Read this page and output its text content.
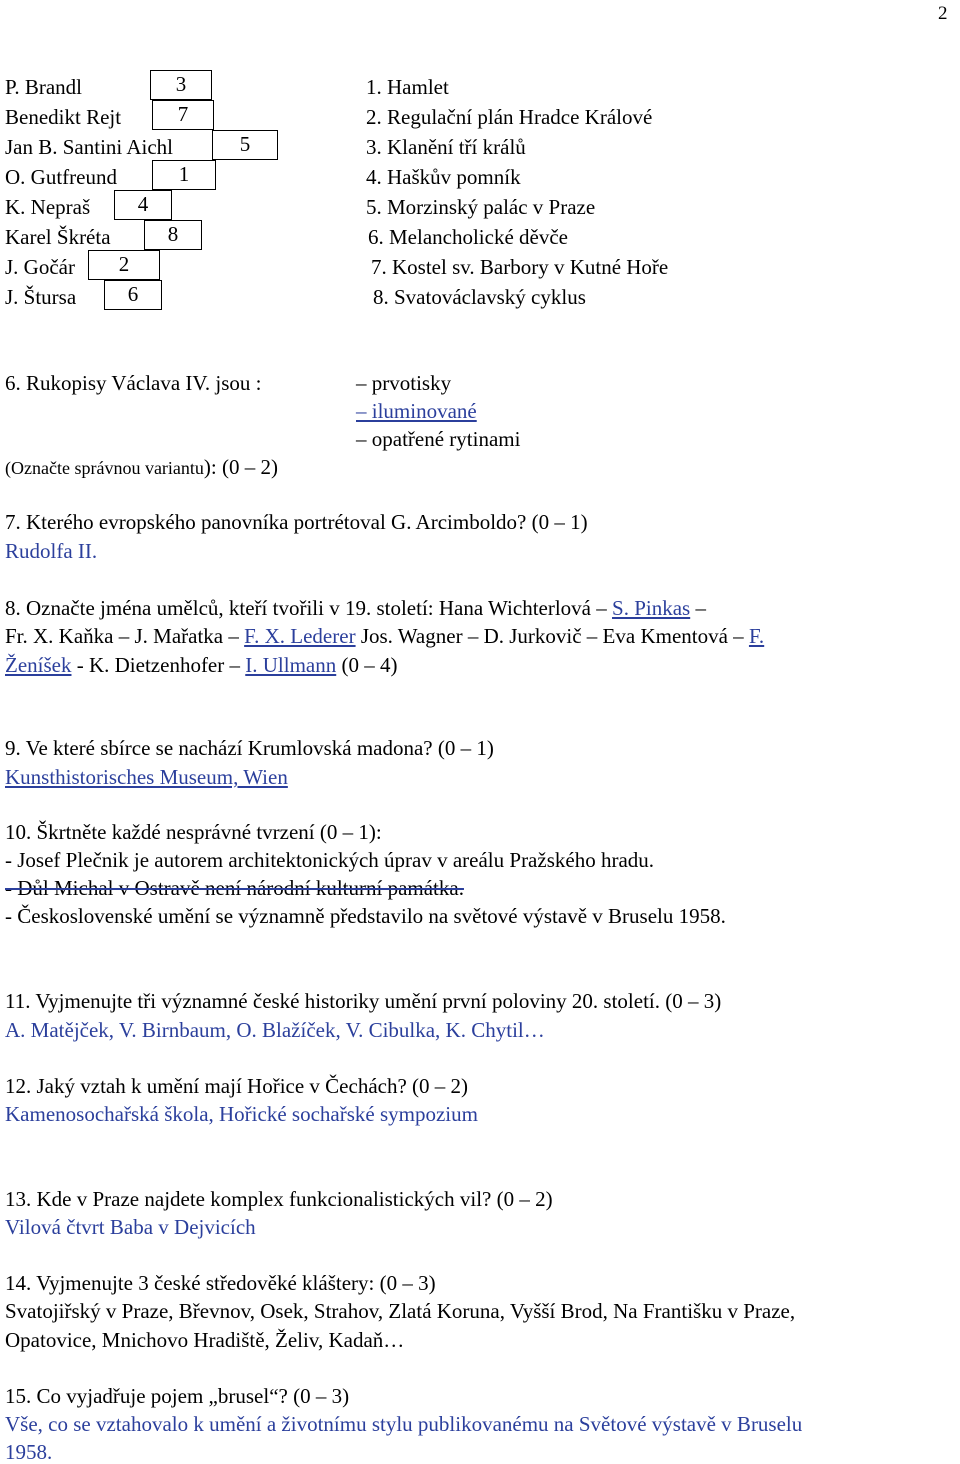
2
P. Brandl
Benedikt Rejt
Jan B. Santini Aichl
O. Gutfreund
K. Nepraš
Karel Škréta
J. Gočár
J. Štursa
3
7
5
1
4
8
2
6
1. Hamlet
2. Regulační plán Hradce Králové
3. Klanění tří králů
4. Haškův pomník
5. Morzinský palác v Praze
6. Melancholické děvče
7. Kostel sv. Barbory v Kutné Hoře
8. Svatováclavský cyklus
6. Rukopisy Václava IV. jsou :	– prvotisky
– iluminované
– opatřené rytinami
(Označte správnou variantu): (0 – 2)
7. Kterého evropského panovníka portrétoval G. Arcimboldo? (0 – 1)
Rudolfa II.
8. Označte jména umělců, kteří tvořili v 19. století: Hana Wichterlová – S. Pinkas –
Fr. X. Kaňka – J. Mařatka – F. X. Lederer Jos. Wagner – D. Jurkovič – Eva Kmentová – F.
Ženíšek - K. Dietzenhofer – I. Ullmann (0 – 4)
9. Ve které sbírce se nachází Krumlovská madona? (0 – 1)
Kunsthistorisches Museum, Wien
10. Škrtněte každé nesprávné tvrzení (0 – 1):
- Josef Plečnik je autorem architektonických úprav v areálu Pražského hradu.
- Důl Michal v Ostravě není národní kulturní památka.
- Československé umění se významně představilo na světové výstavě v Bruselu 1958.
11. Vyjmenujte tři významné české historiky umění první poloviny 20. století. (0 – 3)
A. Matějček, V. Birnbaum, O. Blažíček, V. Cibulka, K. Chytil…
12. Jaký vztah k umění mají Hořice v Čechách? (0 – 2)
Kamenosochařská škola, Hořické sochařské sympozium
13. Kde v Praze najdete komplex funkcionalistických vil? (0 – 2)
Vilová čtvrt Baba v Dejvicích
14. Vyjmenujte 3 české středověké kláštery: (0 – 3)
Svatojiřský v Praze, Břevnov, Osek, Strahov, Zlatá Koruna, Vyšší Brod, Na Františku v Praze,
Opatovice, Mnichovo Hradiště, Želiv, Kadaň…
15. Co vyjadřuje pojem „brusel“? (0 – 3)
Vše, co se vztahovalo k umění a životnímu stylu publikovanému na Světové výstavě v Bruselu
1958.
